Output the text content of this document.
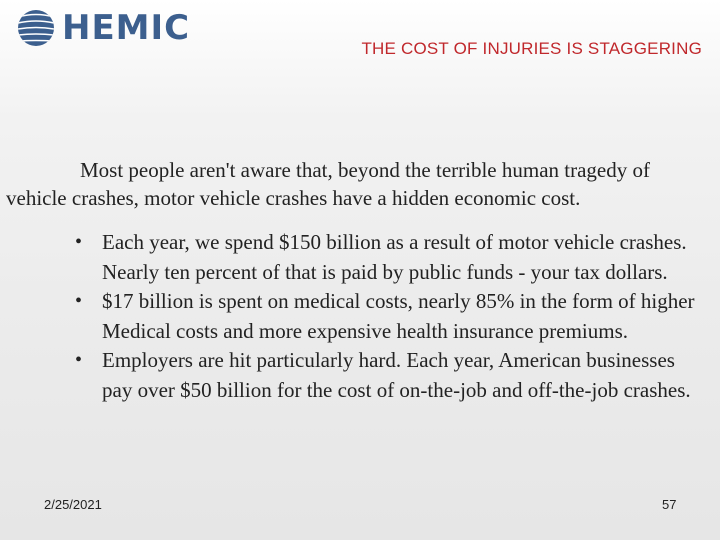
HEMIC
THE COST OF INJURIES IS STAGGERING

Most people aren't aware that, beyond the terrible human tragedy of vehicle crashes, motor vehicle crashes have a hidden economic cost.

• Each year, we spend $150 billion as a result of motor vehicle crashes. Nearly ten percent of that is paid by public funds - your tax dollars.
• $17 billion is spent on medical costs, nearly 85% in the form of higher Medical costs and more expensive health insurance premiums.
• Employers are hit particularly hard. Each year, American businesses pay over $50 billion for the cost of on-the-job and off-the-job crashes.
2/25/2021	57
